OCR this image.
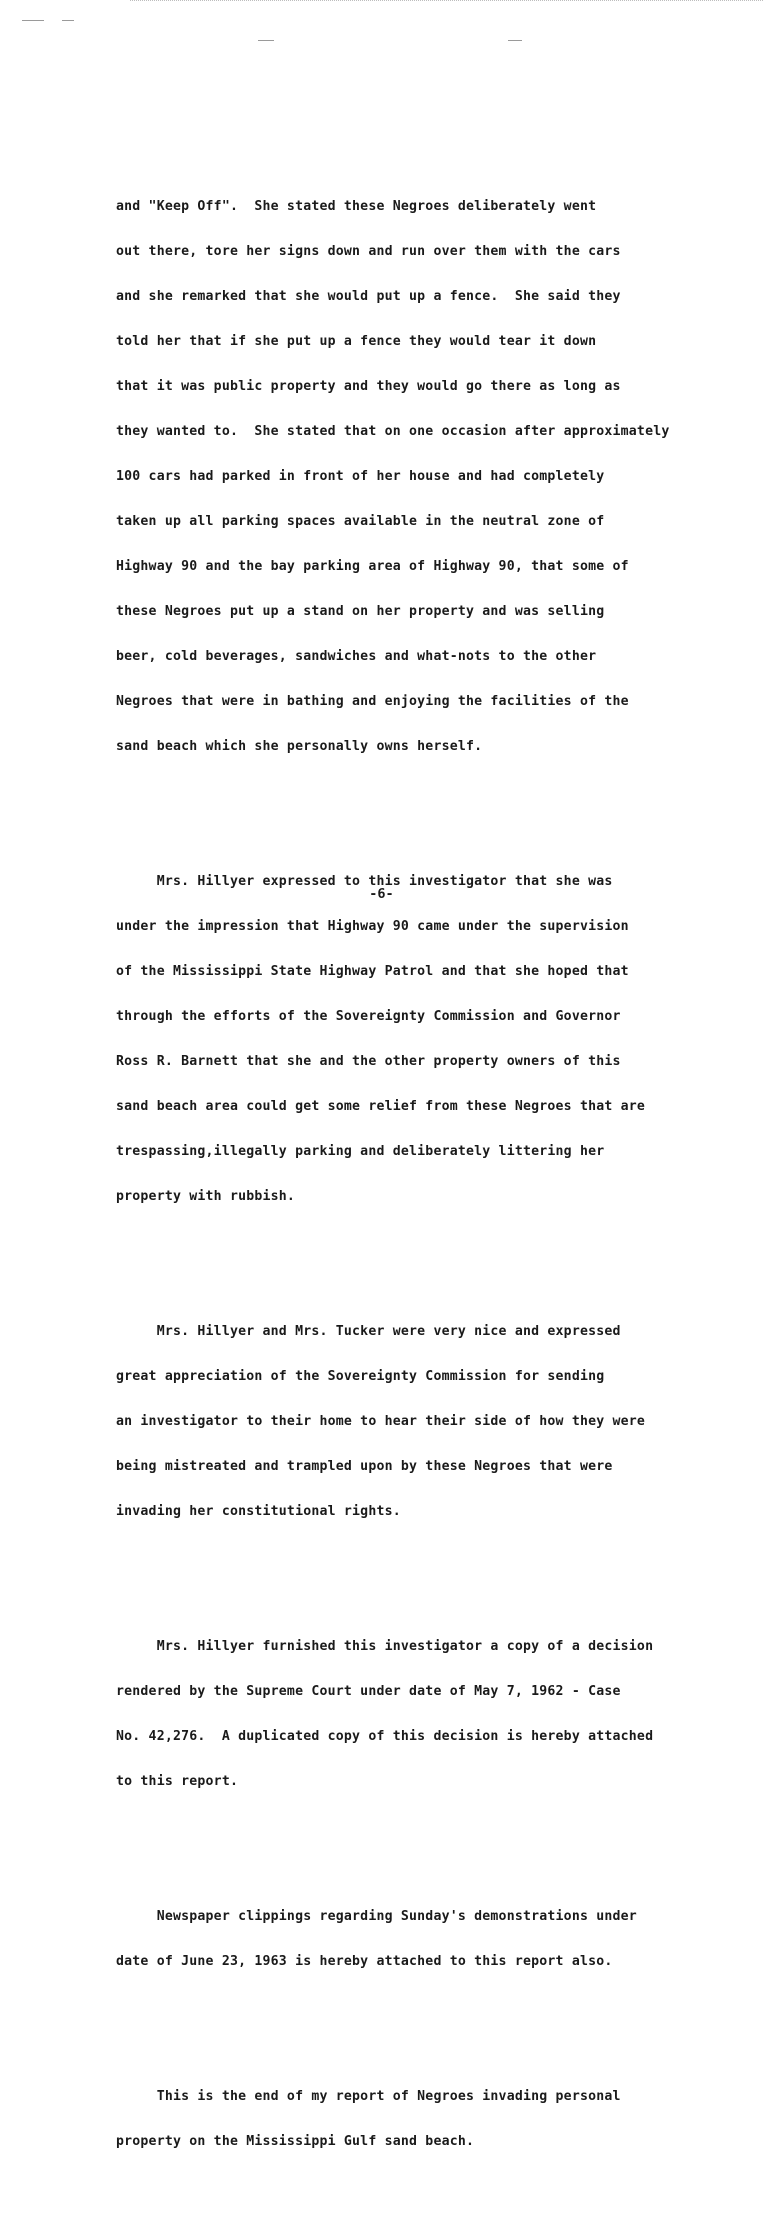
and "Keep Off".  She stated these Negroes deliberately went

out there, tore her signs down and run over them with the cars

and she remarked that she would put up a fence.  She said they

told her that if she put up a fence they would tear it down

that it was public property and they would go there as long as

they wanted to.  She stated that on one occasion after approximately

100 cars had parked in front of her house and had completely

taken up all parking spaces available in the neutral zone of

Highway 90 and the bay parking area of Highway 90, that some of

these Negroes put up a stand on her property and was selling

beer, cold beverages, sandwiches and what-nots to the other

Negroes that were in bathing and enjoying the facilities of the

sand beach which she personally owns herself.

Mrs. Hillyer expressed to this investigator that she was

under the impression that Highway 90 came under the supervision

of the Mississippi State Highway Patrol and that she hoped that

through the efforts of the Sovereignty Commission and Governor

Ross R. Barnett that she and the other property owners of this

sand beach area could get some relief from these Negroes that are

trespassing,illegally parking and deliberately littering her

property with rubbish.

Mrs. Hillyer and Mrs. Tucker were very nice and expressed

great appreciation of the Sovereignty Commission for sending

an investigator to their home to hear their side of how they were

being mistreated and trampled upon by these Negroes that were

invading her constitutional rights.

Mrs. Hillyer furnished this investigator a copy of a decision

rendered by the Supreme Court under date of May 7, 1962 - Case

No. 42,276.  A duplicated copy of this decision is hereby attached

to this report.

Newspaper clippings regarding Sunday's demonstrations under

date of June 23, 1963 is hereby attached to this report also.

This is the end of my report of Negroes invading personal

property on the Mississippi Gulf sand beach.

-6-
